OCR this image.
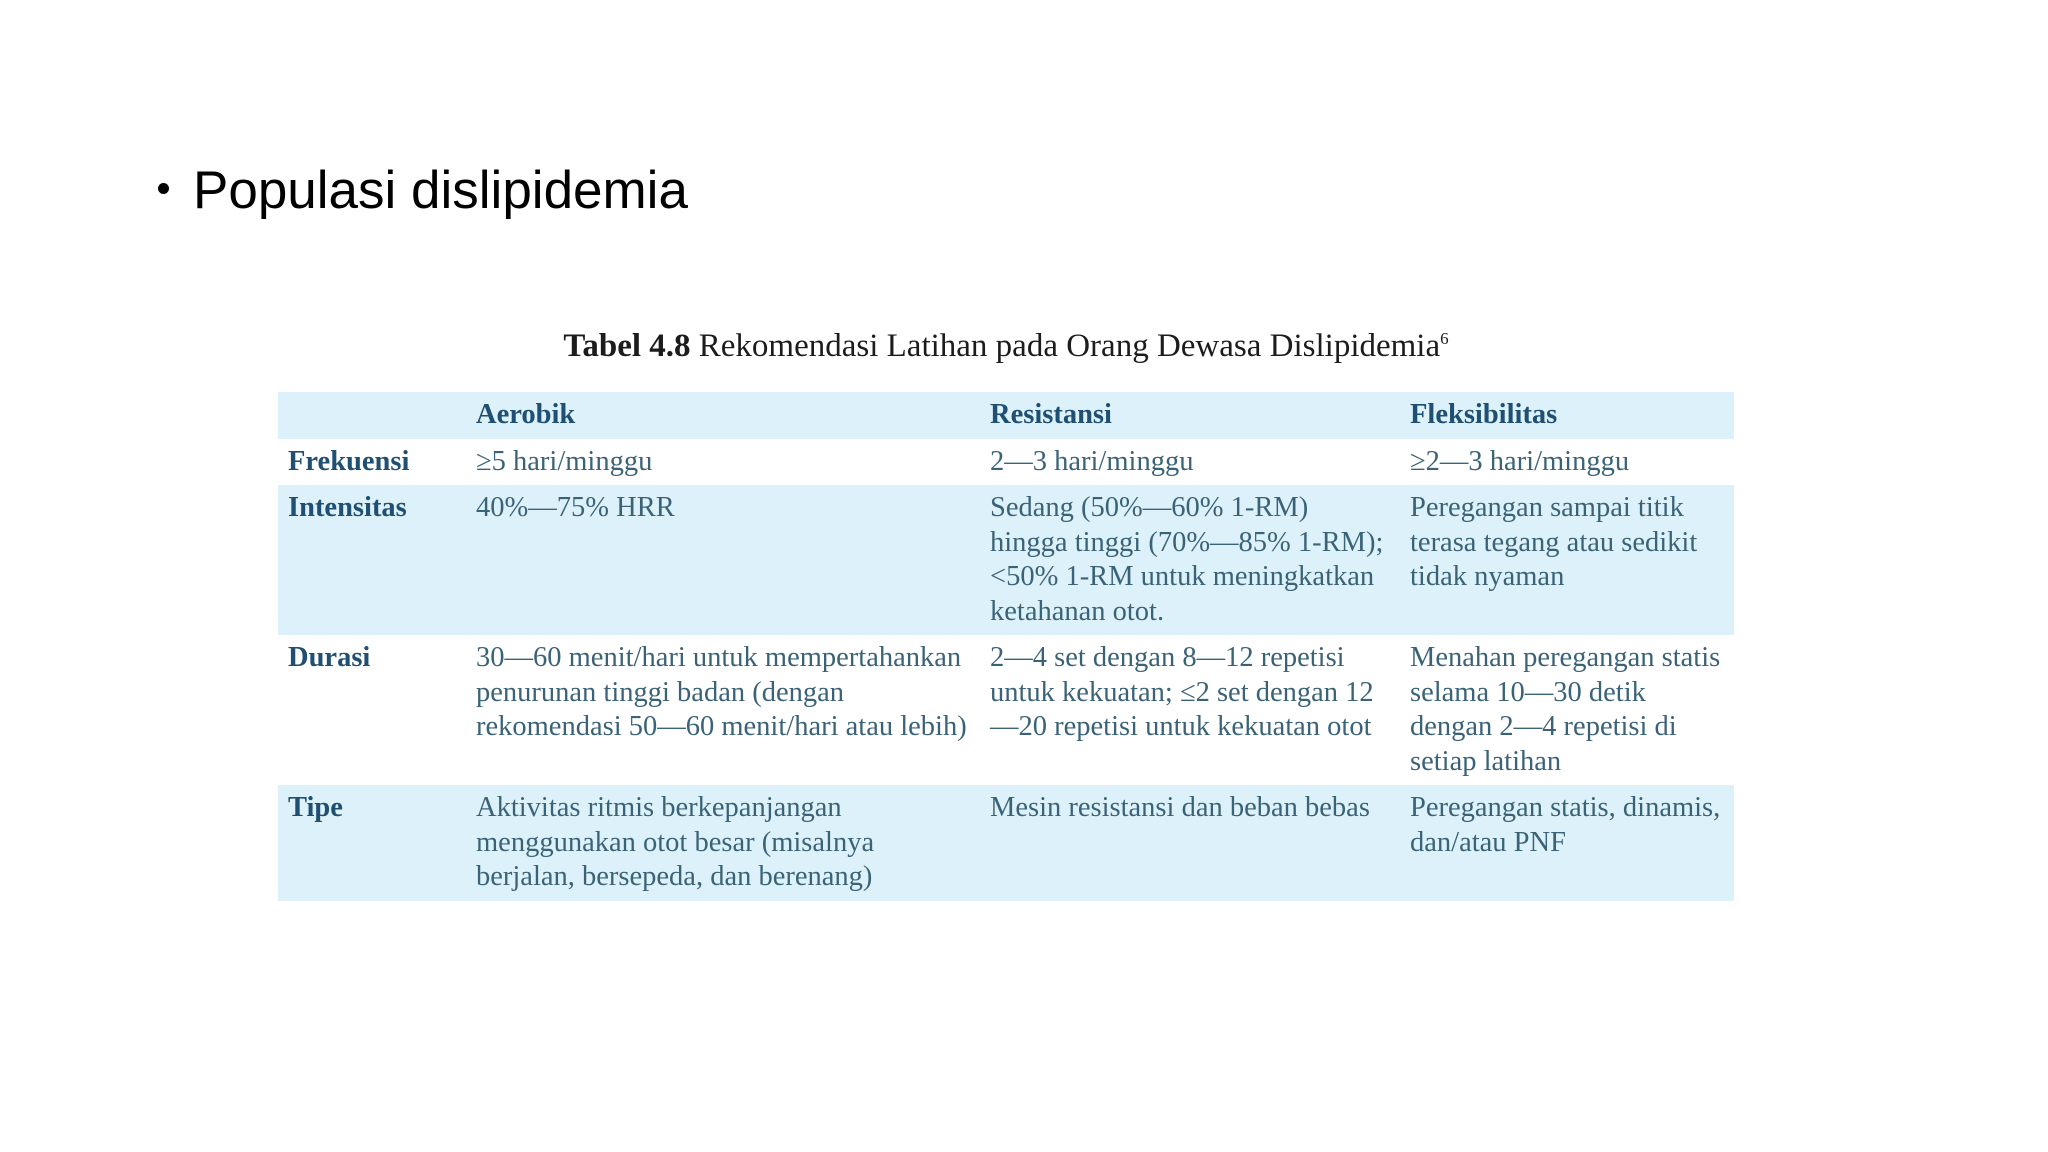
Populasi dislipidemia
Tabel 4.8 Rekomendasi Latihan pada Orang Dewasa Dislipidemia$^6$
	Aerobik	Resistansi	Fleksibilitas
Frekuensi	≥5 hari/minggu	2—3 hari/minggu	≥2—3 hari/minggu
Intensitas	40%—75% HRR	Sedang (50%—60% 1-RM) hingga tinggi (70%—85% 1-RM); <50% 1-RM untuk meningkatkan ketahanan otot.	Peregangan sampai titik terasa tegang atau sedikit tidak nyaman
Durasi	30—60 menit/hari untuk mempertahankan penurunan tinggi badan (dengan rekomendasi 50—60 menit/hari atau lebih)	2—4 set dengan 8—12 repetisi untuk kekuatan; ≤2 set dengan 12—20 repetisi untuk kekuatan otot	Menahan peregangan statis selama 10—30 detik dengan 2—4 repetisi di setiap latihan
Tipe	Aktivitas ritmis berkepanjangan menggunakan otot besar (misalnya berjalan, bersepeda, dan berenang)	Mesin resistansi dan beban bebas	Peregangan statis, dinamis, dan/atau PNF
